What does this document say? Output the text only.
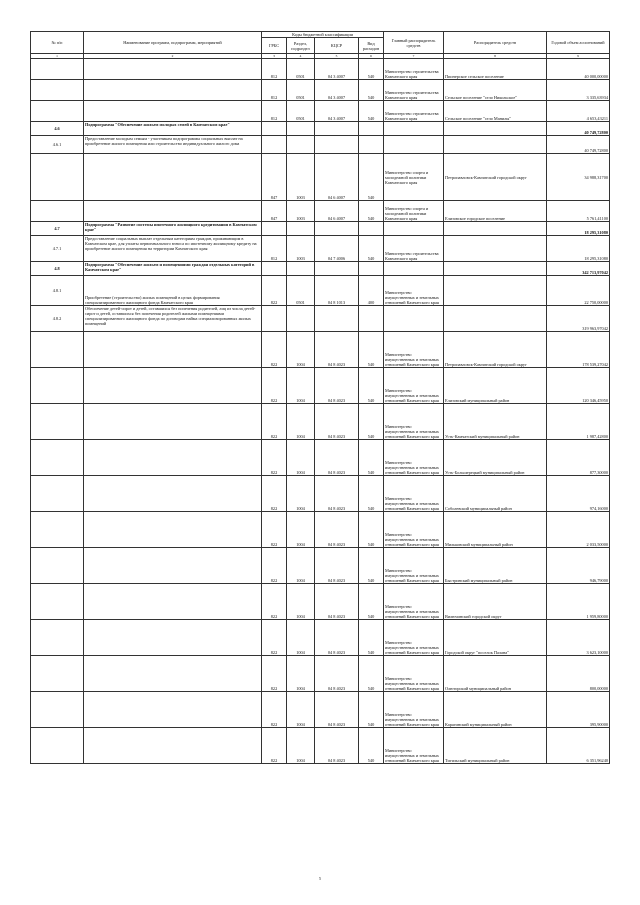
№ п/п	Наименование программ, подпрограмм, мероприятий	Коды бюджетной классификации				Главный распорядитель средств	Распорядитель средств	Годовой объем ассигнований
		ГРБС	Раздел, подраздел	КЦСР	Вид расходов			
1	2	3	4	5	6	7	8	9
		812	0501	04 3 4007	540	Министерство строительства Камчатского края	Пионерское сельское поселение	40 000,00000
		812	0501	04 3 4007	540	Министерство строительства Камчатского края	Сельское поселение "село Никольское"	3 335,63934
		812	0501	04 3 4007	540	Министерство строительства Камчатского края	Сельское поселение "село Манилы"	4 653,43211
4.6	Подпрограмма "Обеспечение жильем молодых семей в Камчатском крае"							40 749,72800
4.6.1	Предоставление молодым семьям - участникам подпрограммы социальных выплат на приобретение жилого помещения или строительство индивидуального жилого дома							40 749,72800
		847	1003	04 6 4007	540	Министерство спорта и молодежной политики Камчатского края	Петропавловск-Камчатский городской округ	34 988,31700
		847	1003	04 6 4007	540	Министерство спорта и молодежной политики Камчатского края	Елизовское городское поселение	5 761,41100
4.7	Подпрограмма "Развитие системы ипотечного жилищного кредитования в Камчатском крае"							18 295,31080
4.7.1	Предоставление социальных выплат отдельным категориям граждан, проживающим в Камчатском крае, для уплаты первоначального взноса по ипотечному жилищному кредиту на приобретение жилого помещения на территории Камчатского края	812	1003	04 7 4006	540	Министерство строительства Камчатского края		18 295,31080
4.8	Подпрограмма "Обеспечение жильем и помещениями граждан отдельных категорий в Камчатском крае"							342 713,97042
4.8.1	Приобретение (строительство) жилых помещений в целях формирования специализированного жилищного фонда Камчатского края	822	0501	04 8 1013	400	Министерство имущественных и земельных отношений Камчатского края		22 750,00000
4.8.2	Обеспечение детей-сирот и детей, оставшихся без попечения родителей, лиц из числа детей-сирот и детей, оставшихся без попечения родителей жилыми помещениями специализированного жилищного фонда по договорам найма специализированных жилых помещений							319 963,97042
		822	1004	04 8 4023	540	Министерство имущественных и земельных отношений Камчатского края	Петропавловск-Камчатский городской округ	178 539,27042
		822	1004	04 8 4023	540	Министерство имущественных и земельных отношений Камчатского края	Елизовский муниципальный район	120 346,45950
		822	1004	04 8 4023	540	Министерство имущественных и земельных отношений Камчатского края	Усть-Камчатский муниципальный район	1 987,42800
		822	1004	04 8 4023	540	Министерство имущественных и земельных отношений Камчатского края	Усть-Большерецкий муниципальный район	877,30000
		822	1004	04 8 4023	540	Министерство имущественных и земельных отношений Камчатского края	Соболевский муниципальный район	974,16000
		822	1004	04 8 4023	540	Министерство имущественных и земельных отношений Камчатского края	Мильковский муниципальный район	2 033,50000
		822	1004	04 8 4023	540	Министерство имущественных и земельных отношений Камчатского края	Быстринский муниципальный район	946,79000
		822	1004	04 8 4023	540	Министерство имущественных и земельных отношений Камчатского края	Вилючинский городской округ	1 959,80000
		822	1004	04 8 4023	540	Министерство имущественных и земельных отношений Камчатского края	Городской округ "поселок Палана"	3 623,10000
		822	1004	04 8 4023	540	Министерство имущественных и земельных отношений Камчатского края	Олюторский муниципальный район	800,00000
		822	1004	04 8 4023	540	Министерство имущественных и земельных отношений Камчатского края	Карагинский муниципальный район	395,90000
		822	1004	04 8 4023	540	Министерство имущественных и земельных отношений Камчатского края	Тигильский муниципальный район	6 351,96240
5
